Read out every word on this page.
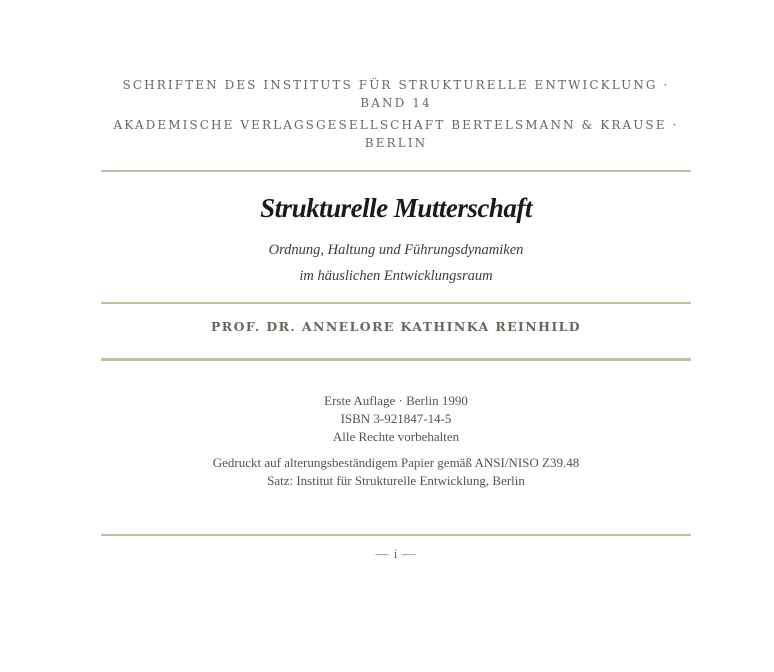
SCHRIFTEN DES INSTITUTS FÜR STRUKTURELLE ENTWICKLUNG · BAND 14
AKADEMISCHE VERLAGSGESELLSCHAFT BERTELSMANN & KRAUSE · BERLIN
Strukturelle Mutterschaft
Ordnung, Haltung und Führungsdynamiken
im häuslichen Entwicklungsraum
PROF. DR. ANNELORE KATHINKA REINHILD
Erste Auflage · Berlin 1990
ISBN 3-921847-14-5
Alle Rechte vorbehalten
Gedruckt auf alterungsbeständigem Papier gemäß ANSI/NISO Z39.48
Satz: Institut für Strukturelle Entwicklung, Berlin
— i —
